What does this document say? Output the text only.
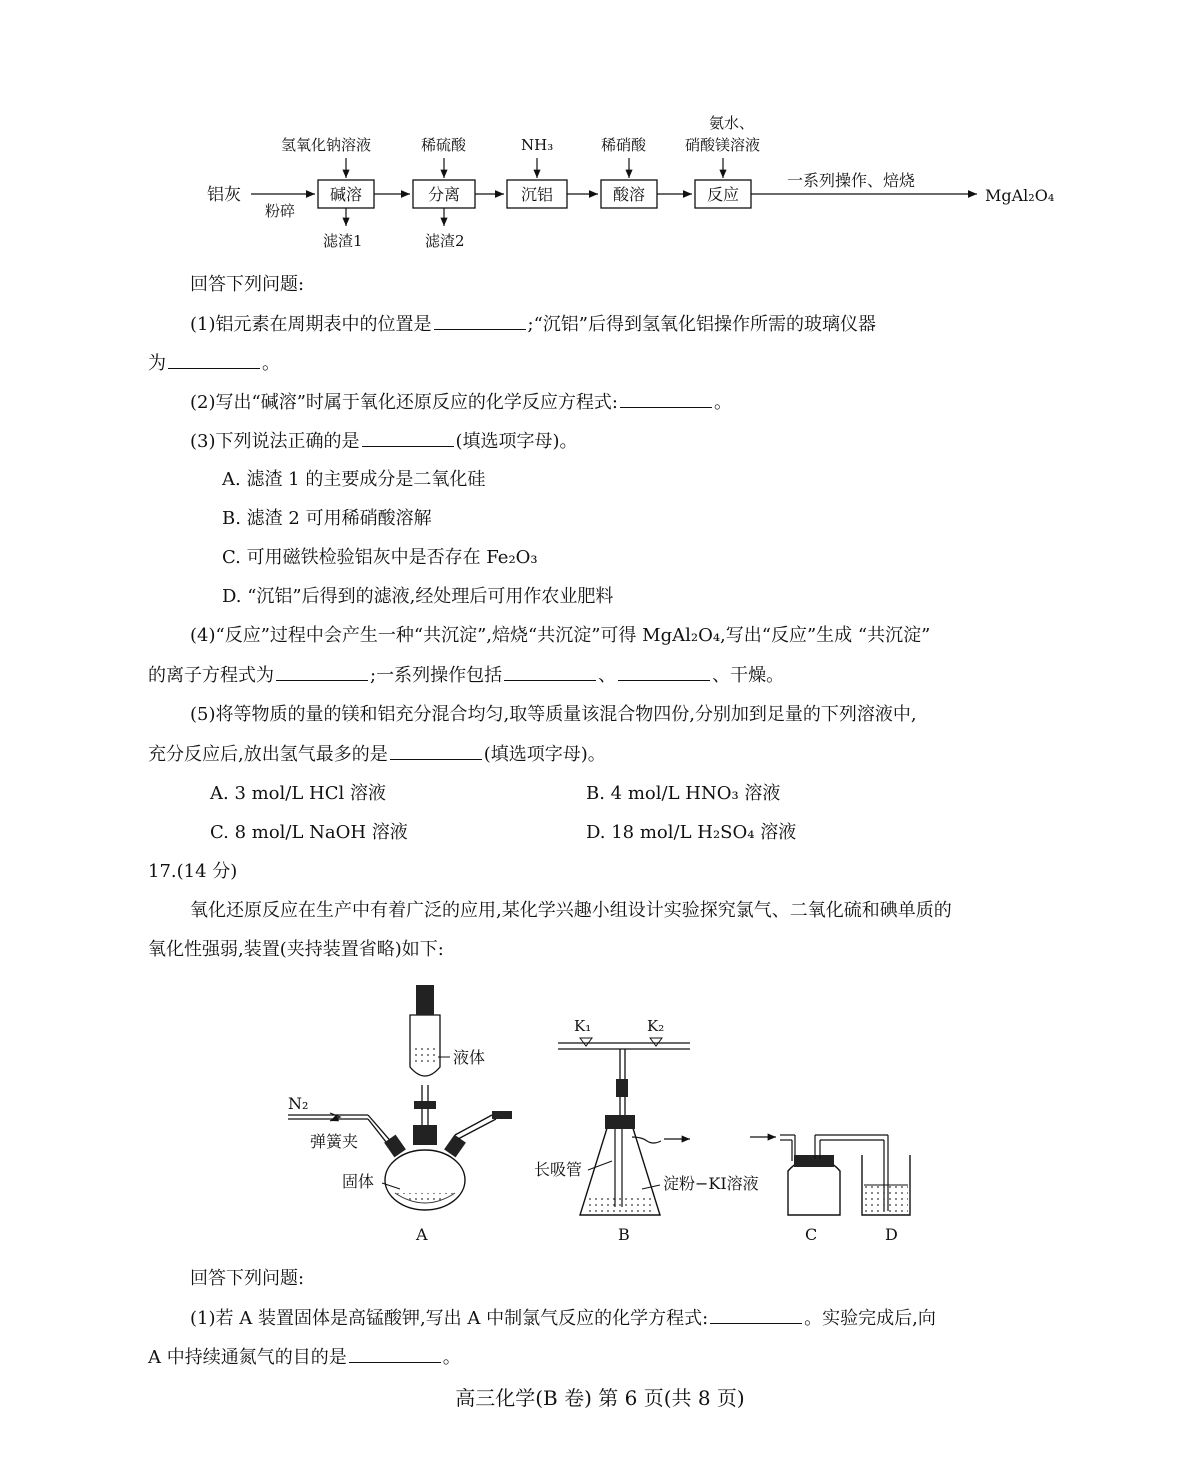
铝灰
粉碎
碱溶	分离	沉铝	酸溶	反应
一系列操作、焙烧
MgAl₂O₄
氢氧化钠溶液	稀硫酸	NH₃	稀硝酸
氨水、
硝酸镁溶液
滤渣1	滤渣2
回答下列问题:
(1)铝元素在周期表中的位置是	;“沉铝”后得到氢氧化铝操作所需的玻璃仪器
为	。
(2)写出“碱溶”时属于氧化还原反应的化学反应方程式:	。
(3)下列说法正确的是	(填选项字母)。
A. 滤渣 1 的主要成分是二氧化硅
B. 滤渣 2 可用稀硝酸溶解
C. 可用磁铁检验铝灰中是否存在 Fe₂O₃
D. “沉铝”后得到的滤液,经处理后可用作农业肥料
(4)“反应”过程中会产生一种“共沉淀”,焙烧“共沉淀”可得 MgAl₂O₄,写出“反应”生成 “共沉淀”
的离子方程式为	;一系列操作包括	、	、干燥。
(5)将等物质的量的镁和铝充分混合均匀,取等质量该混合物四份,分别加到足量的下列溶液中,
充分反应后,放出氢气最多的是	(填选项字母)。
A. 3 mol/L HCl 溶液	B. 4 mol/L HNO₃ 溶液
C. 8 mol/L NaOH 溶液	D. 18 mol/L H₂SO₄ 溶液
17.(14 分)
氧化还原反应在生产中有着广泛的应用,某化学兴趣小组设计实验探究氯气、二氧化硫和碘单质的
氧化性强弱,装置(夹持装置省略)如下:
N₂
弹簧夹
固体
液体
A
K₁	K₂
长吸管
淀粉−KI溶液
B	C	D
回答下列问题:
(1)若 A 装置固体是高锰酸钾,写出 A 中制氯气反应的化学方程式:	。实验完成后,向
A 中持续通氮气的目的是	。
高三化学(B 卷) 第 6 页(共 8 页)
